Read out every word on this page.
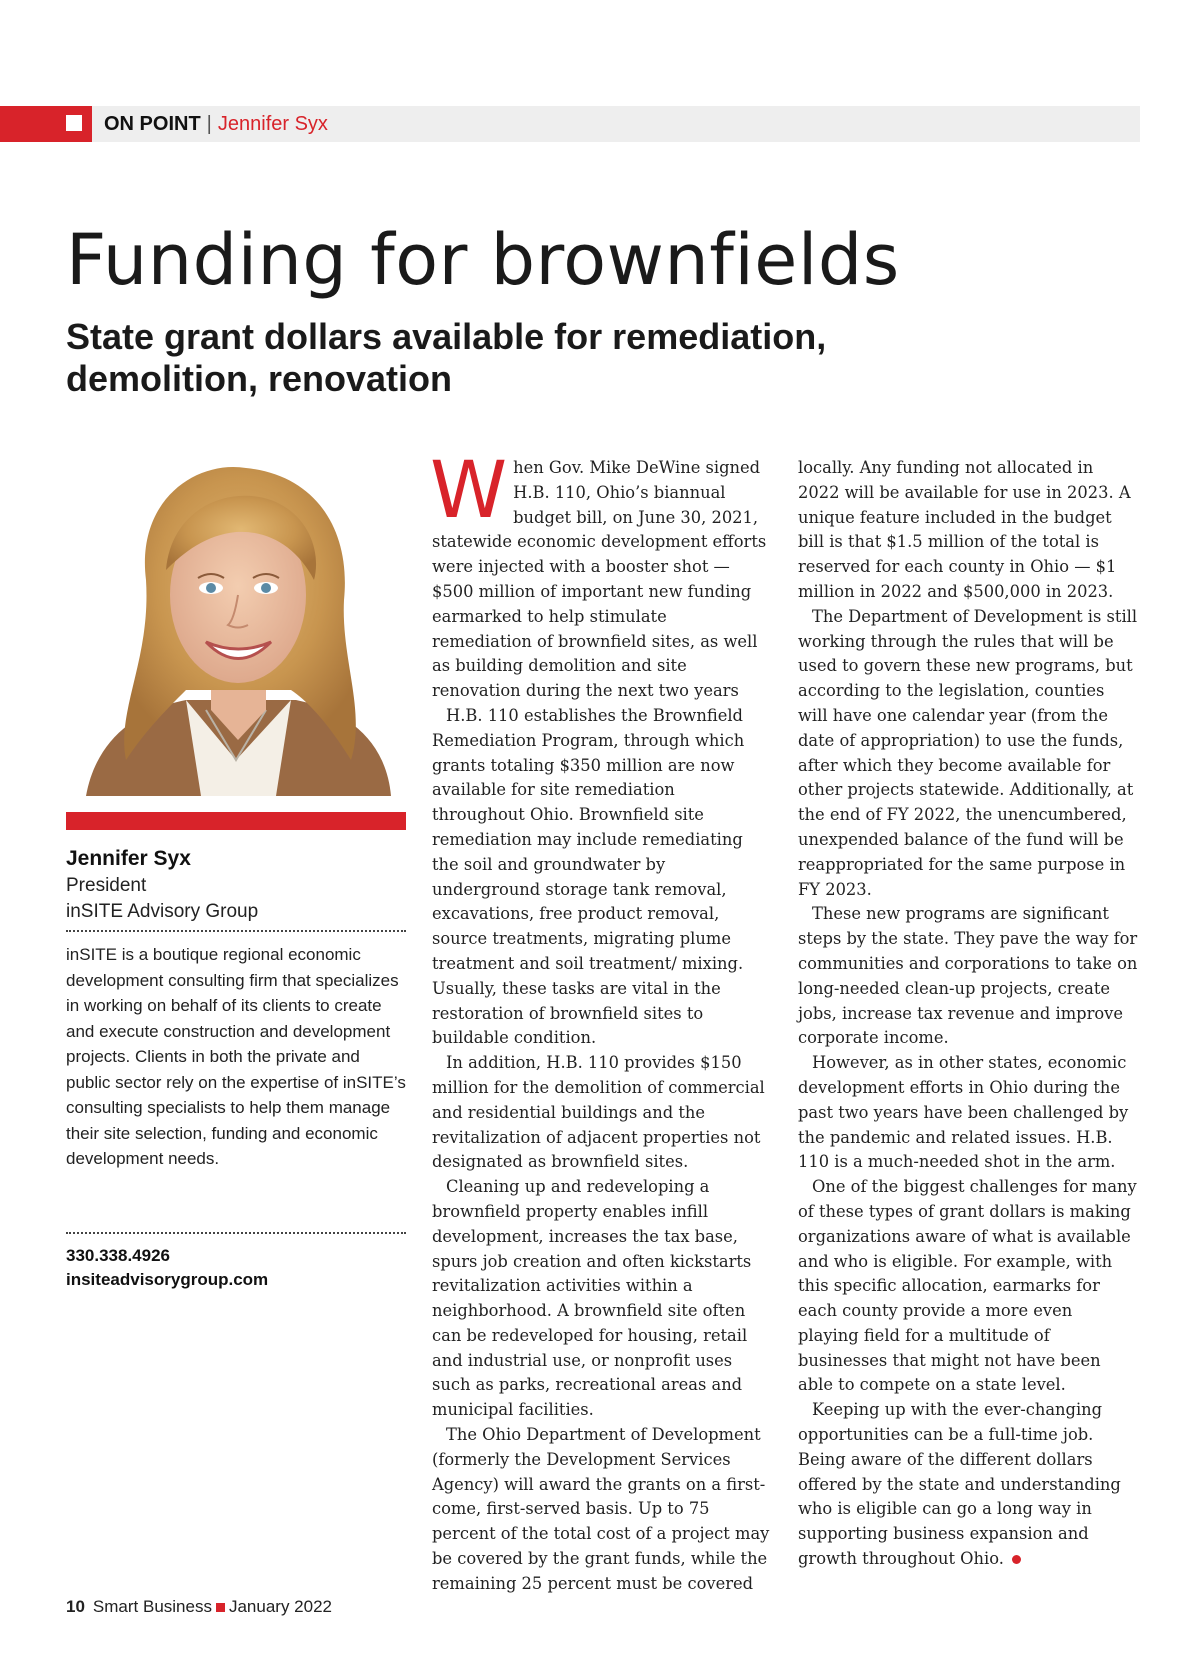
ON POINT | Jennifer Syx
Funding for brownfields
State grant dollars available for remediation, demolition, renovation
Jennifer Syx
President
inSITE Advisory Group

inSITE is a boutique regional economic development consulting firm that specializes in working on behalf of its clients to create and execute construction and development projects. Clients in both the private and public sector rely on the expertise of inSITE’s consulting specialists to help them manage their site selection, funding and economic development needs.

330.338.4926
insiteadvisorygroup.com

When Gov. Mike DeWine signed H.B. 110, Ohio’s biannual budget bill, on June 30, 2021, statewide economic development efforts were injected with a booster shot — $500 million of important new funding earmarked to help stimulate remediation of brownfield sites, as well as building demolition and site renovation during the next two years

H.B. 110 establishes the Brownfield Remediation Program, through which grants totaling $350 million are now available for site remediation throughout Ohio. Brownfield site remediation may include remediating the soil and groundwater by underground storage tank removal, excavations, free product removal, source treatments, migrating plume treatment and soil treatment/ mixing. Usually, these tasks are vital in the restoration of brownfield sites to buildable condition.

In addition, H.B. 110 provides $150 million for the demolition of commercial and residential buildings and the revitalization of adjacent properties not designated as brownfield sites.

Cleaning up and redeveloping a brownfield property enables infill development, increases the tax base, spurs job creation and often kickstarts revitalization activities within a neighborhood. A brownfield site often can be redeveloped for housing, retail and industrial use, or nonprofit uses such as parks, recreational areas and municipal facilities.

The Ohio Department of Development (formerly the Development Services Agency) will award the grants on a first-come, first-served basis. Up to 75 percent of the total cost of a project may be covered by the grant funds, while the remaining 25 percent must be covered

locally. Any funding not allocated in 2022 will be available for use in 2023. A unique feature included in the budget bill is that $1.5 million of the total is reserved for each county in Ohio — $1 million in 2022 and $500,000 in 2023.

The Department of Development is still working through the rules that will be used to govern these new programs, but according to the legislation, counties will have one calendar year (from the date of appropriation) to use the funds, after which they become available for other projects statewide. Additionally, at the end of FY 2022, the unencumbered, unexpended balance of the fund will be reappropriated for the same purpose in FY 2023.

These new programs are significant steps by the state. They pave the way for communities and corporations to take on long-needed clean-up projects, create jobs, increase tax revenue and improve corporate income.

However, as in other states, economic development efforts in Ohio during the past two years have been challenged by the pandemic and related issues. H.B. 110 is a much-needed shot in the arm.

One of the biggest challenges for many of these types of grant dollars is making organizations aware of what is available and who is eligible. For example, with this specific allocation, earmarks for each county provide a more even playing field for a multitude of businesses that might not have been able to compete on a state level.

Keeping up with the ever-changing opportunities can be a full-time job. Being aware of the different dollars offered by the state and understanding who is eligible can go a long way in supporting business expansion and growth throughout Ohio.

10 Smart Business January 2022
